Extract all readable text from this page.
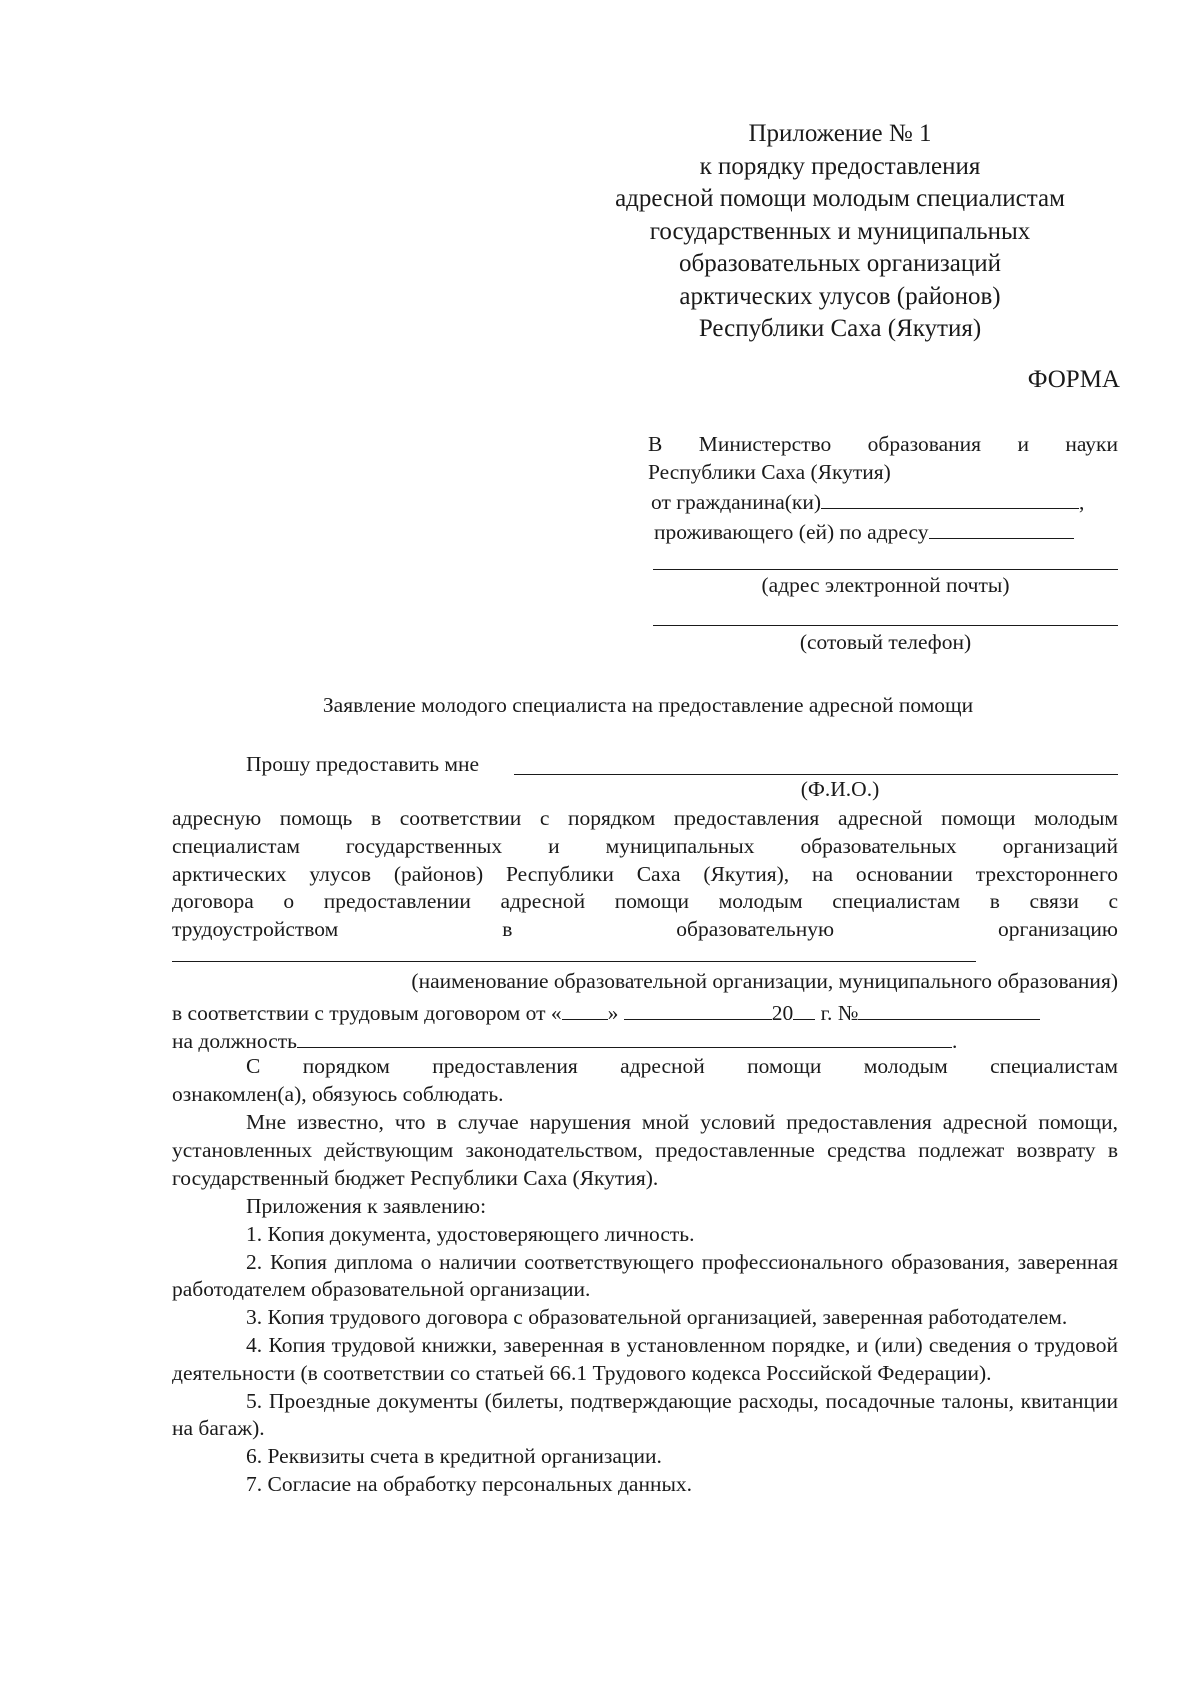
Приложение № 1
к порядку предоставления
адресной помощи молодым специалистам
государственных и муниципальных
образовательных организаций
арктических улусов (районов)
Республики Саха (Якутия)
ФОРМА
В Министерство образования и науки
Республики Саха (Якутия)
от гражданина(ки)	,
проживающего (ей) по адресу
(адрес электронной почты)
(сотовый телефон)
Заявление молодого специалиста на предоставление адресной помощи
Прошу предоставить мне
(Ф.И.О.)
адресную помощь в соответствии с порядком предоставления адресной помощи молодым
специалистам государственных и муниципальных образовательных организаций
арктических улусов (районов) Республики Саха (Якутия), на основании трехстороннего
договора о предоставлении адресной помощи молодым специалистам в связи с
трудоустройством в образовательную организацию
(наименование образовательной организации, муниципального образования)
в соответствии с трудовым договором от « »	20 г. №
на должность	.
С порядком предоставления адресной помощи молодым специалистам
ознакомлен(а), обязуюсь соблюдать.

Мне известно, что в случае нарушения мной условий предоставления адресной помощи, установленных действующим законодательством, предоставленные средства подлежат возврату в государственный бюджет Республики Саха (Якутия).

Приложения к заявлению:

1. Копия документа, удостоверяющего личность.

2. Копия диплома о наличии соответствующего профессионального образования, заверенная работодателем образовательной организации.

3. Копия трудового договора с образовательной организацией, заверенная работодателем.

4. Копия трудовой книжки, заверенная в установленном порядке, и (или) сведения о трудовой деятельности (в соответствии со статьей 66.1 Трудового кодекса Российской Федерации).

5. Проездные документы (билеты, подтверждающие расходы, посадочные талоны, квитанции на багаж).

6. Реквизиты счета в кредитной организации.

7. Согласие на обработку персональных данных.
